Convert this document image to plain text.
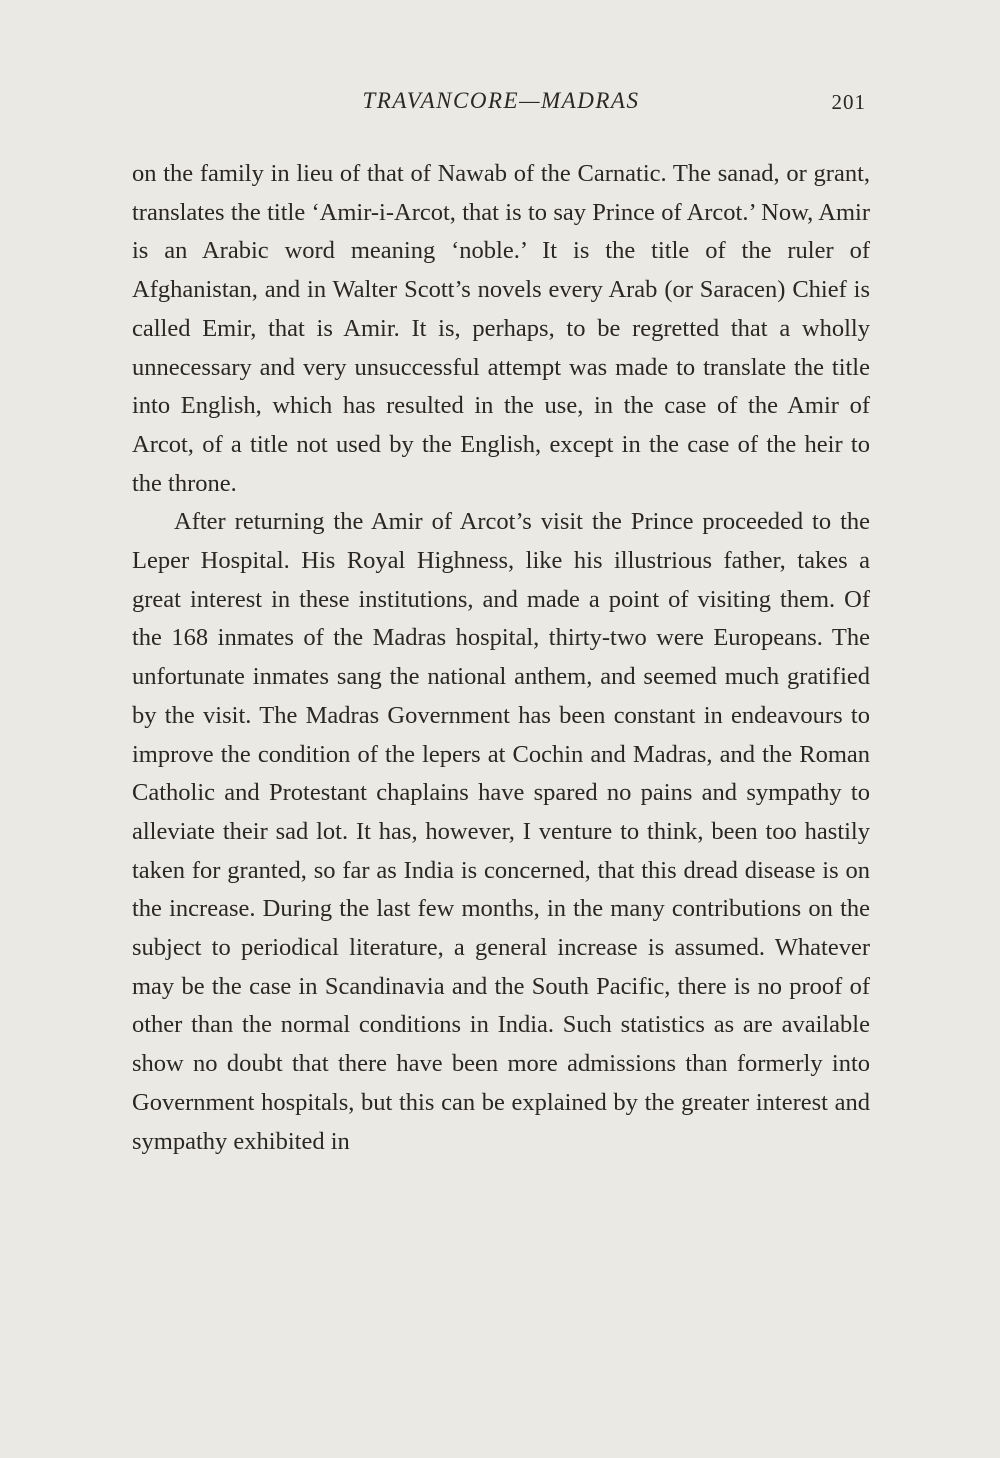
TRAVANCORE—MADRAS	201

on the family in lieu of that of Nawab of the Carnatic. The sanad, or grant, translates the title ‘Amir-i-Arcot, that is to say Prince of Arcot.’ Now, Amir is an Arabic word meaning ‘noble.’ It is the title of the ruler of Afghanistan, and in Walter Scott’s novels every Arab (or Saracen) Chief is called Emir, that is Amir. It is, perhaps, to be regretted that a wholly unnecessary and very unsuccessful attempt was made to translate the title into English, which has resulted in the use, in the case of the Amir of Arcot, of a title not used by the English, except in the case of the heir to the throne.

After returning the Amir of Arcot’s visit the Prince proceeded to the Leper Hospital. His Royal Highness, like his illustrious father, takes a great interest in these institutions, and made a point of visiting them. Of the 168 inmates of the Madras hospital, thirty-two were Europeans. The unfortunate inmates sang the national anthem, and seemed much gratified by the visit. The Madras Government has been constant in endeavours to improve the condition of the lepers at Cochin and Madras, and the Roman Catholic and Protestant chaplains have spared no pains and sympathy to alleviate their sad lot. It has, however, I venture to think, been too hastily taken for granted, so far as India is concerned, that this dread disease is on the increase. During the last few months, in the many contributions on the subject to periodical literature, a general increase is assumed. Whatever may be the case in Scandinavia and the South Pacific, there is no proof of other than the normal conditions in India. Such statistics as are available show no doubt that there have been more admissions than formerly into Government hospitals, but this can be explained by the greater interest and sympathy exhibited in
